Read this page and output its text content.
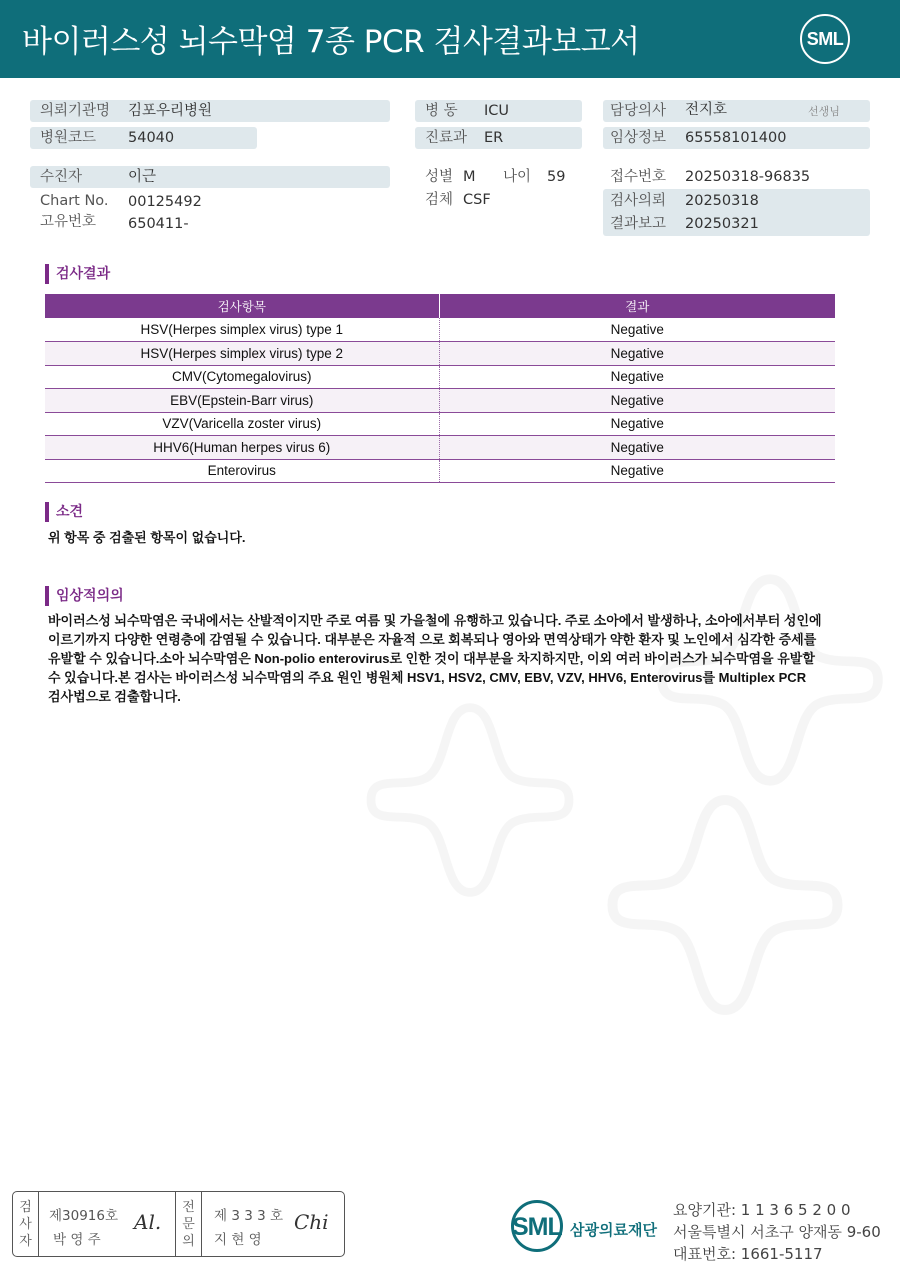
바이러스성 뇌수막염 7종 PCR 검사결과보고서	SML
의뢰기관명 김포우리병원
병원코드 54040
수진자	이근
Chart No. 00125492
고유번호 650411-
병 동 ICU
진료과 ER
성별 M 나이 59
검체 CSF
담당의사 전지호	선생님
임상정보 65558101400
접수번호 20250318-96835
검사의뢰 20250318
결과보고 20250321
검사결과
검사항목	결과
HSV(Herpes simplex virus) type 1	Negative
HSV(Herpes simplex virus) type 2	Negative
CMV(Cytomegalovirus)	Negative
EBV(Epstein-Barr virus)	Negative
VZV(Varicella zoster virus)	Negative
HHV6(Human herpes virus 6)	Negative
Enterovirus	Negative
소견
위 항목 중 검출된 항목이 없습니다.
임상적의의
바이러스성 뇌수막염은 국내에서는 산발적이지만 주로 여름 및 가을철에 유행하고 있습니다. 주로 소아에서 발생하나, 소아에서부터 성인에
이르기까지 다양한 연령층에 감염될 수 있습니다. 대부분은 자율적 으로 회복되나 영아와 면역상태가 약한 환자 및 노인에서 심각한 증세를
유발할 수 있습니다.소아 뇌수막염은 Non-polio enterovirus로 인한 것이 대부분을 차지하지만, 이외 여러 바이러스가 뇌수막염을 유발할
수 있습니다.본 검사는 바이러스성 뇌수막염의 주요 원인 병원체 HSV1, HSV2, CMV, EBV, VZV, HHV6, Enterovirus를 Multiplex PCR
검사법으로 검출합니다.
검
사
자
제30916호
박 영 주
Al.
전
문
의
제 3 3 3 호
지 현 영
Chi	SML 삼광의료재단
요양기관: 1 1 3 6 5 2 0 0
서울특별시 서초구 양재동 9-60
대표번호: 1661-5117
